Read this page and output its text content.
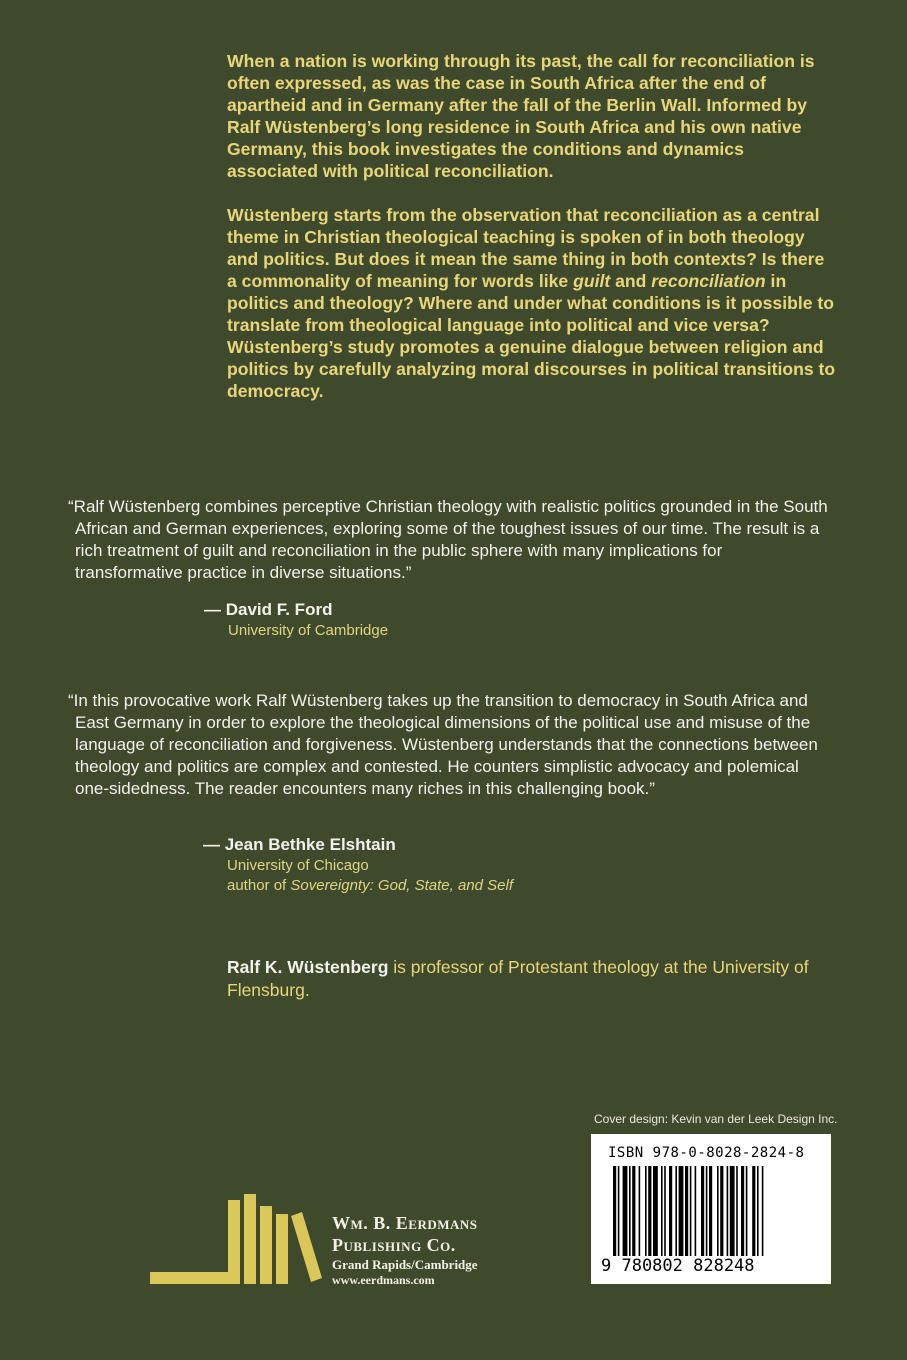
When a nation is working through its past, the call for reconciliation is often expressed, as was the case in South Africa after the end of apartheid and in Germany after the fall of the Berlin Wall. Informed by Ralf Wüstenberg’s long residence in South Africa and his own native Germany, this book investigates the conditions and dynamics associated with political reconciliation.

Wüstenberg starts from the observation that reconciliation as a central theme in Christian theological teaching is spoken of in both theology and politics. But does it mean the same thing in both contexts? Is there a commonality of meaning for words like guilt and reconciliation in politics and theology? Where and under what conditions is it possible to translate from theological language into political and vice versa? Wüstenberg’s study promotes a genuine dialogue between religion and politics by carefully analyzing moral discourses in political transitions to democracy.

“Ralf Wüstenberg combines perceptive Christian theology with realistic politics grounded in the South African and German experiences, exploring some of the toughest issues of our time. The result is a rich treatment of guilt and reconciliation in the public sphere with many implications for transformative practice in diverse situations.”

— David F. Ford
University of Cambridge

“In this provocative work Ralf Wüstenberg takes up the transition to democracy in South Africa and East Germany in order to explore the theological dimensions of the political use and misuse of the language of reconciliation and forgiveness. Wüstenberg understands that the connections between theology and politics are complex and contested. He counters simplistic advocacy and polemical one-sidedness. The reader encounters many riches in this challenging book.”

— Jean Bethke Elshtain
University of Chicago
author of Sovereignty: God, State, and Self
Ralf K. Wüstenberg is professor of Protestant theology at the University of Flensburg.
Cover design: Kevin van der Leek Design Inc.
ISBN 978-0-8028-2824-8
9 780802 828248
Wm. B. Eerdmans
Publishing Co.
Grand Rapids/Cambridge
www.eerdmans.com
